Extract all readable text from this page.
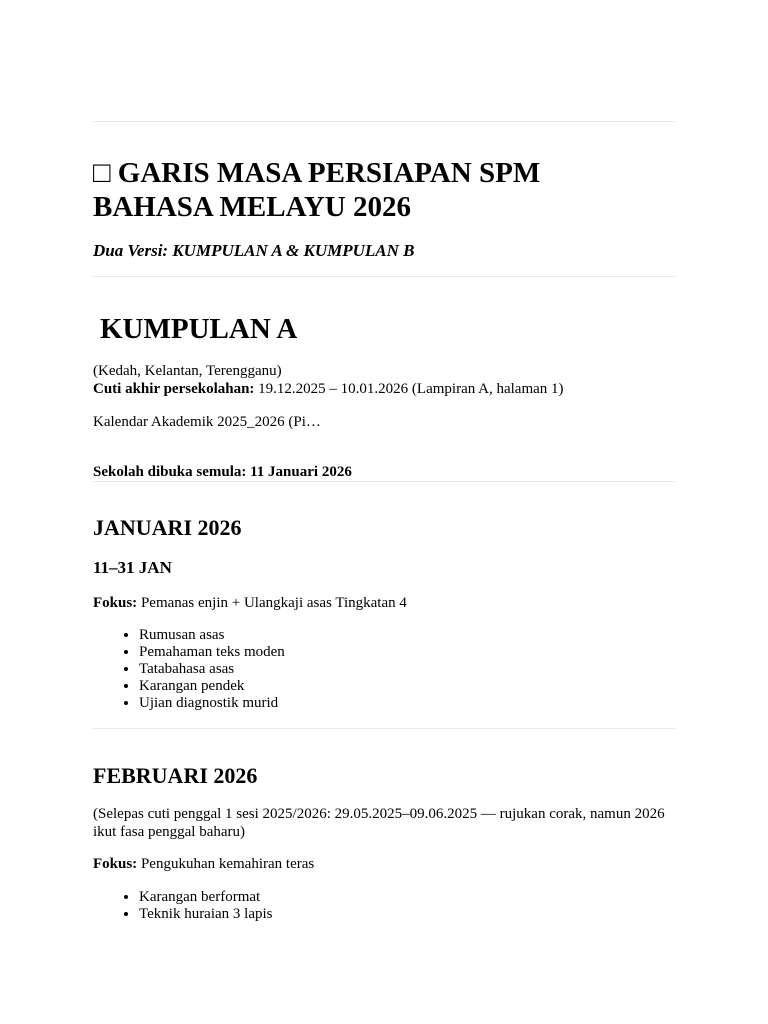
□ GARIS MASA PERSIAPAN SPM BAHASA MELAYU 2026

Dua Versi: KUMPULAN A & KUMPULAN B

KUMPULAN A

(Kedah, Kelantan, Terengganu)

Cuti akhir persekolahan: 19.12.2025 – 10.01.2026 (Lampiran A, halaman 1)

Kalendar Akademik 2025_2026 (Pi…

Sekolah dibuka semula: 11 Januari 2026

JANUARI 2026
11–31 JAN

Fokus: Pemanas enjin + Ulangkaji asas Tingkatan 4

• Rumusan asas
• Pemahaman teks moden
• Tatabahasa asas
• Karangan pendek
• Ujian diagnostik murid
FEBRUARI 2026

(Selepas cuti penggal 1 sesi 2025/2026: 29.05.2025–09.06.2025 — rujukan corak, namun 2026 ikut fasa penggal baharu)

Fokus: Pengukuhan kemahiran teras

• Karangan berformat
• Teknik huraian 3 lapis
